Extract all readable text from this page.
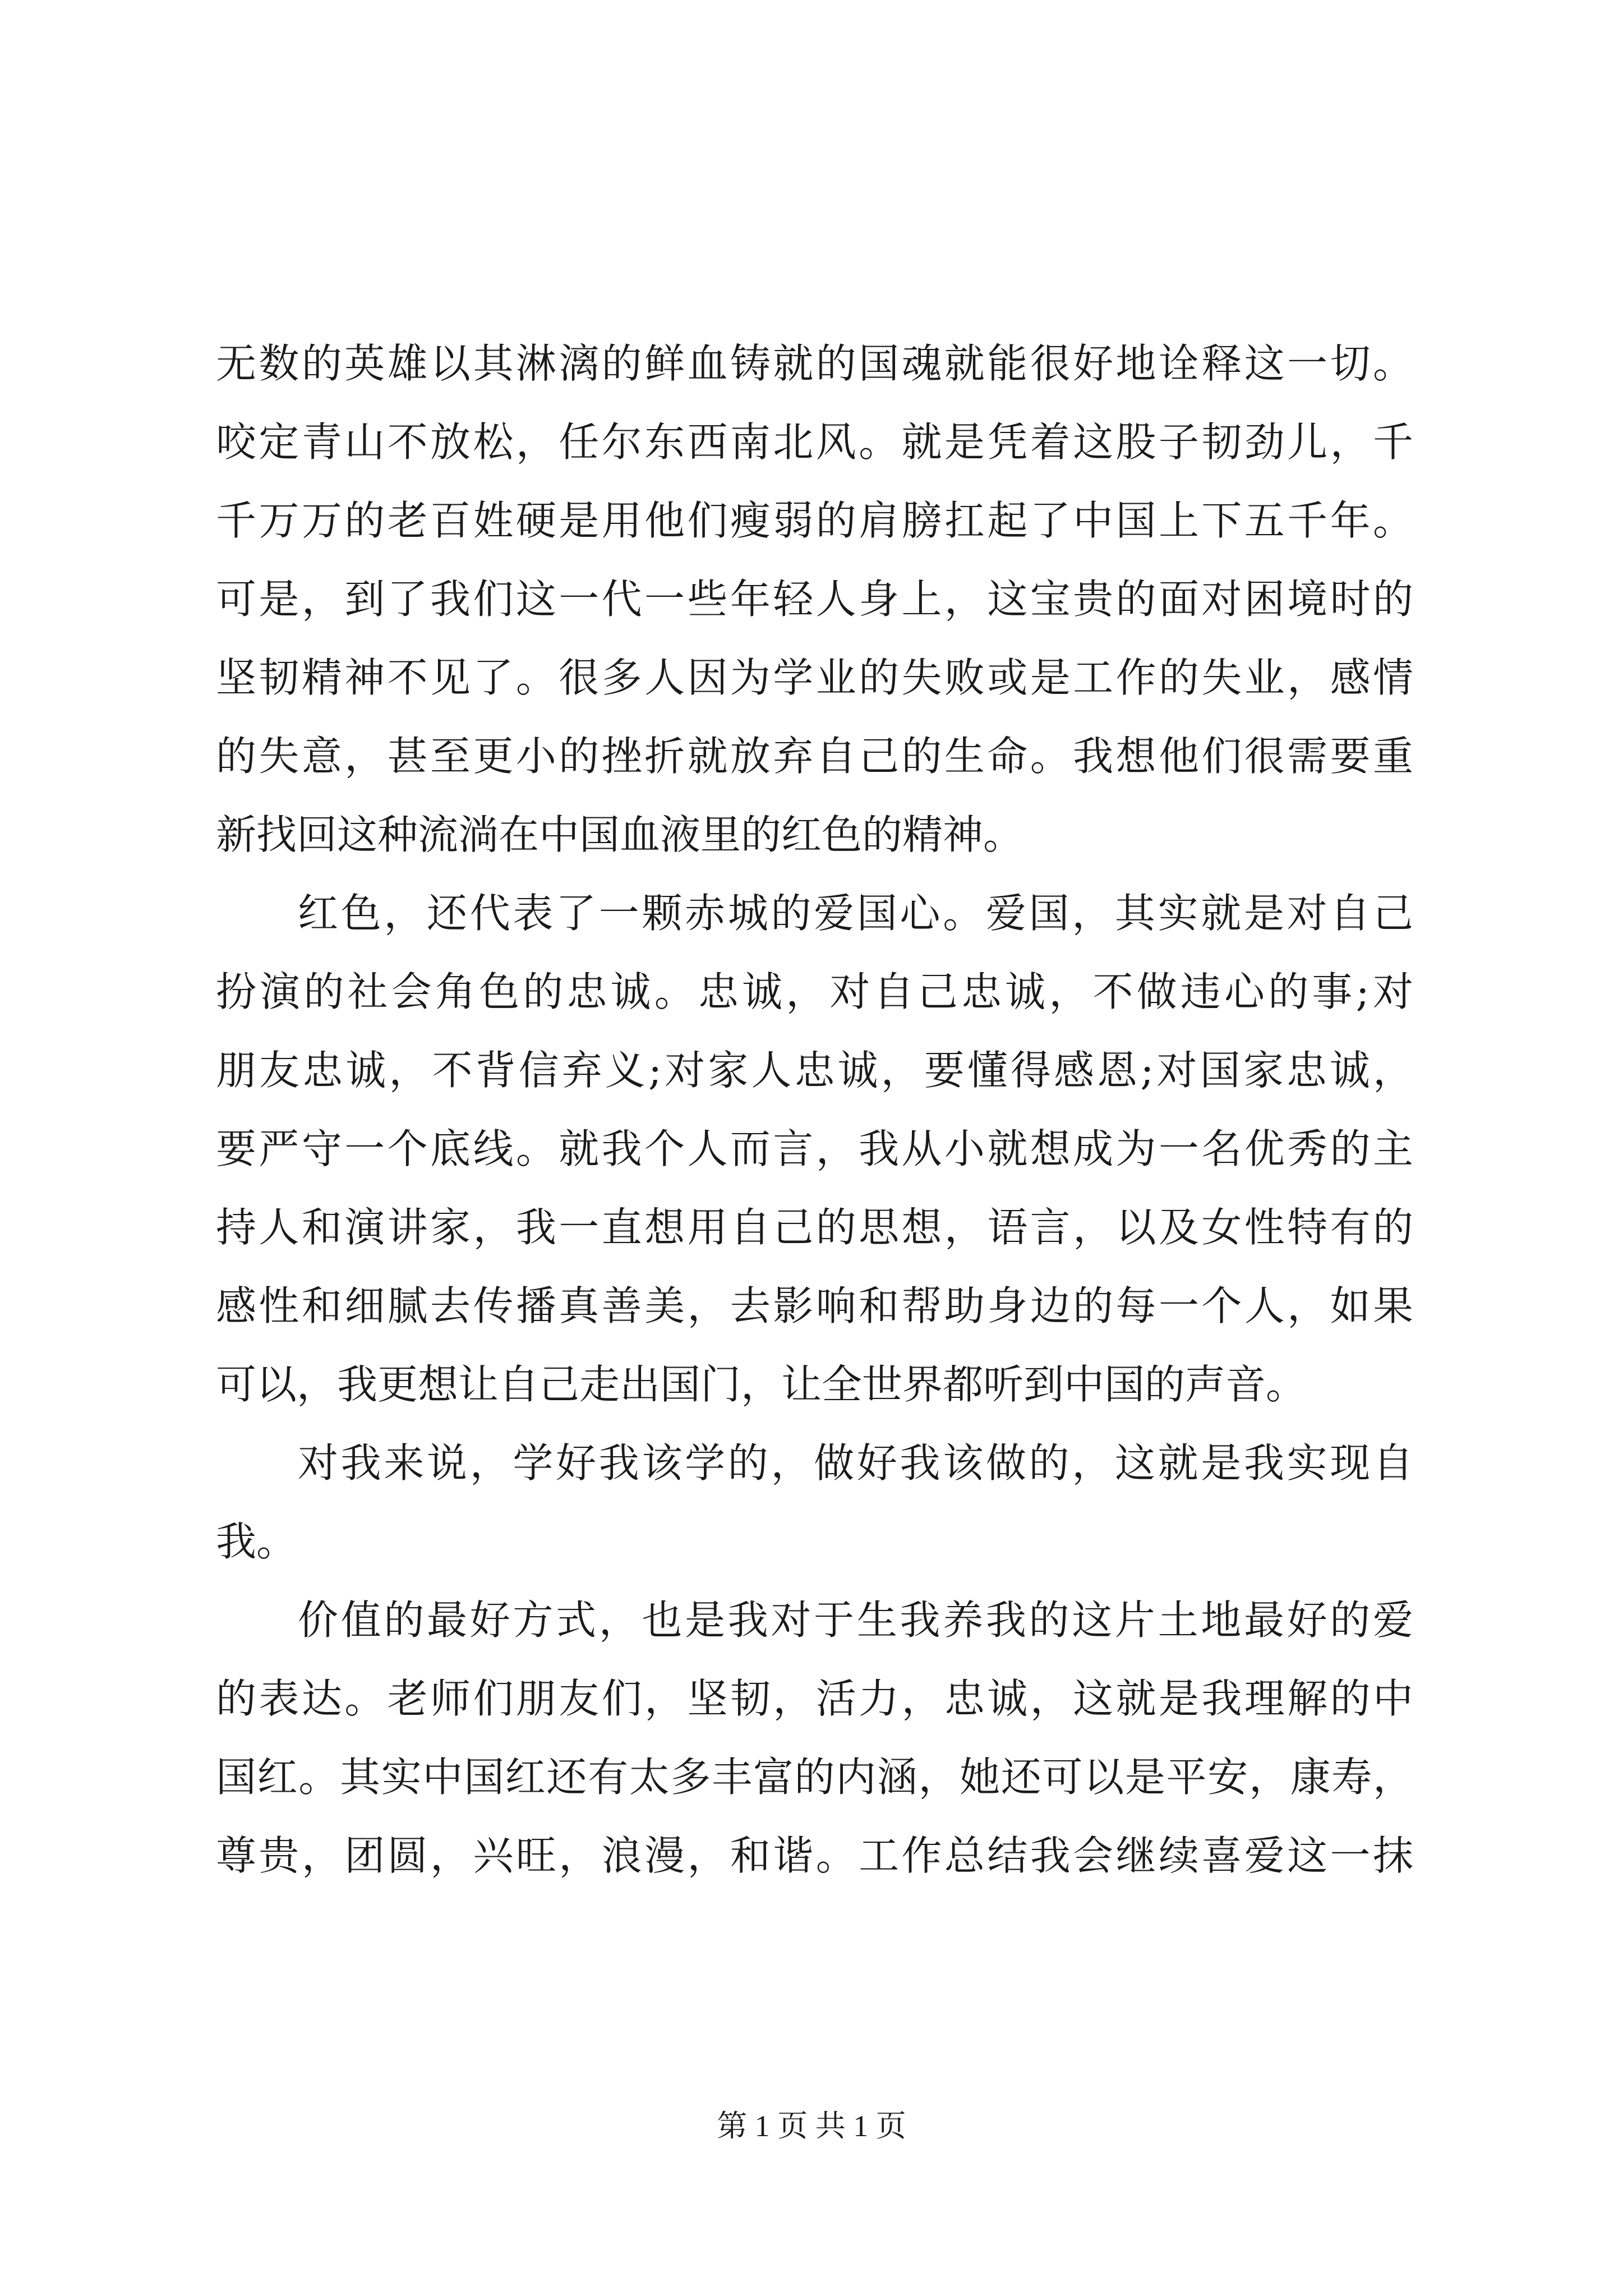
无数的英雄以其淋漓的鲜血铸就的国魂就能很好地诠释这一切。
咬定青山不放松，任尔东西南北风。就是凭着这股子韧劲儿，千
千万万的老百姓硬是用他们瘦弱的肩膀扛起了中国上下五千年。
可是，到了我们这一代一些年轻人身上，这宝贵的面对困境时的
坚韧精神不见了。很多人因为学业的失败或是工作的失业，感情
的失意，甚至更小的挫折就放弃自己的生命。我想他们很需要重
新找回这种流淌在中国血液里的红色的精神。
红色，还代表了一颗赤城的爱国心。爱国，其实就是对自己
扮演的社会角色的忠诚。忠诚，对自己忠诚，不做违心的事;对
朋友忠诚，不背信弃义;对家人忠诚，要懂得感恩;对国家忠诚，
要严守一个底线。就我个人而言，我从小就想成为一名优秀的主
持人和演讲家，我一直想用自己的思想，语言，以及女性特有的
感性和细腻去传播真善美，去影响和帮助身边的每一个人，如果
可以，我更想让自己走出国门，让全世界都听到中国的声音。
对我来说，学好我该学的，做好我该做的，这就是我实现自
我。
价值的最好方式，也是我对于生我养我的这片土地最好的爱
的表达。老师们朋友们，坚韧，活力，忠诚，这就是我理解的中
国红。其实中国红还有太多丰富的内涵，她还可以是平安，康寿，
尊贵，团圆，兴旺，浪漫，和谐。工作总结我会继续喜爱这一抹
第 1 页 共 1 页
